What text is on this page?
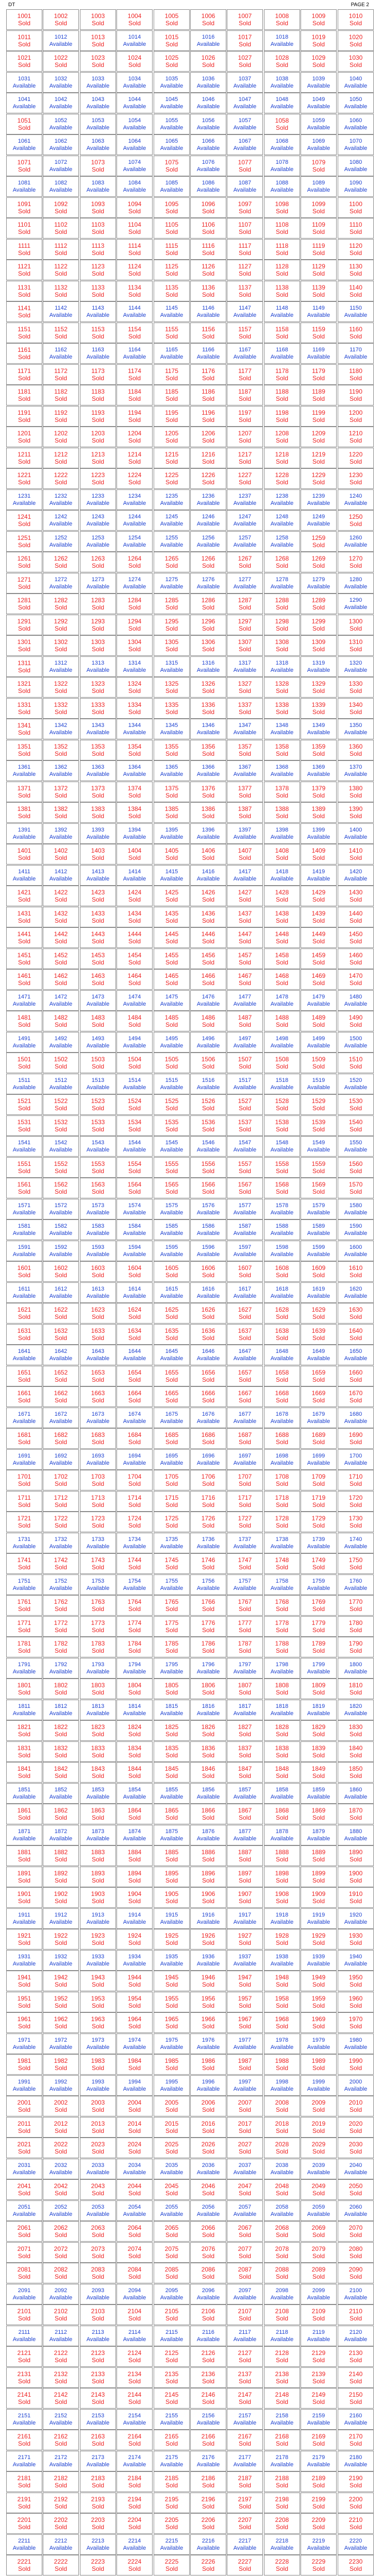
DT	PAGE 2
1001
Sold
1002
Sold
1003
Sold
1004
Sold
1005
Sold
1006
Sold
1007
Sold
1008
Sold
1009
Sold
1010
Sold
1011
Sold
1012
Available
1013
Sold
1014
Available
1015
Sold
1016
Available
1017
Sold
1018
Available
1019
Sold
1020
Sold
1021
Sold
1022
Sold
1023
Sold
1024
Sold
1025
Sold
1026
Sold
1027
Sold
1028
Sold
1029
Sold
1030
Sold
1031
Available
1032
Available
1033
Available
1034
Available
1035
Available
1036
Available
1037
Available
1038
Available
1039
Available
1040
Available
1041
Available
1042
Available
1043
Available
1044
Available
1045
Available
1046
Available
1047
Available
1048
Available
1049
Available
1050
Available
1051
Sold
1052
Available
1053
Available
1054
Available
1055
Available
1056
Available
1057
Available
1058
Sold
1059
Available
1060
Available
1061
Available
1062
Available
1063
Available
1064
Available
1065
Available
1066
Available
1067
Available
1068
Available
1069
Available
1070
Available
1071
Sold
1072
Available
1073
Sold
1074
Available
1075
Sold
1076
Available
1077
Sold
1078
Available
1079
Sold
1080
Available
1081
Available
1082
Available
1083
Available
1084
Available
1085
Available
1086
Available
1087
Available
1088
Available
1089
Available
1090
Available
1091
Sold
1092
Sold
1093
Sold
1094
Sold
1095
Sold
1096
Sold
1097
Sold
1098
Sold
1099
Sold
1100
Sold
1101
Sold
1102
Sold
1103
Sold
1104
Sold
1105
Sold
1106
Sold
1107
Sold
1108
Sold
1109
Sold
1110
Sold
1111
Sold
1112
Sold
1113
Sold
1114
Sold
1115
Sold
1116
Sold
1117
Sold
1118
Sold
1119
Sold
1120
Sold
1121
Sold
1122
Sold
1123
Sold
1124
Sold
1125
Sold
1126
Sold
1127
Sold
1128
Sold
1129
Sold
1130
Sold
1131
Sold
1132
Sold
1133
Sold
1134
Sold
1135
Sold
1136
Sold
1137
Sold
1138
Sold
1139
Sold
1140
Sold
1141
Sold
1142
Available
1143
Available
1144
Available
1145
Available
1146
Available
1147
Available
1148
Available
1149
Available
1150
Available
1151
Sold
1152
Sold
1153
Sold
1154
Sold
1155
Sold
1156
Sold
1157
Sold
1158
Sold
1159
Sold
1160
Sold
1161
Sold
1162
Available
1163
Available
1164
Available
1165
Available
1166
Available
1167
Available
1168
Available
1169
Available
1170
Available
1171
Sold
1172
Sold
1173
Sold
1174
Sold
1175
Sold
1176
Sold
1177
Sold
1178
Sold
1179
Sold
1180
Sold
1181
Sold
1182
Sold
1183
Sold
1184
Sold
1185
Sold
1186
Sold
1187
Sold
1188
Sold
1189
Sold
1190
Sold
1191
Sold
1192
Sold
1193
Sold
1194
Sold
1195
Sold
1196
Sold
1197
Sold
1198
Sold
1199
Sold
1200
Sold
1201
Sold
1202
Sold
1203
Sold
1204
Sold
1205
Sold
1206
Sold
1207
Sold
1208
Sold
1209
Sold
1210
Sold
1211
Sold
1212
Sold
1213
Sold
1214
Sold
1215
Sold
1216
Sold
1217
Sold
1218
Sold
1219
Sold
1220
Sold
1221
Sold
1222
Sold
1223
Sold
1224
Sold
1225
Sold
1226
Sold
1227
Sold
1228
Sold
1229
Sold
1230
Sold
1231
Available
1232
Available
1233
Available
1234
Available
1235
Available
1236
Available
1237
Available
1238
Available
1239
Available
1240
Available
1241
Sold
1242
Available
1243
Available
1244
Available
1245
Available
1246
Available
1247
Available
1248
Available
1249
Available
1250
Sold
1251
Sold
1252
Available
1253
Available
1254
Available
1255
Available
1256
Available
1257
Available
1258
Available
1259
Sold
1260
Available
1261
Sold
1262
Sold
1263
Sold
1264
Sold
1265
Sold
1266
Sold
1267
Sold
1268
Sold
1269
Sold
1270
Sold
1271
Sold
1272
Available
1273
Available
1274
Available
1275
Available
1276
Available
1277
Available
1278
Available
1279
Available
1280
Available
1281
Sold
1282
Sold
1283
Sold
1284
Sold
1285
Sold
1286
Sold
1287
Sold
1288
Sold
1289
Sold
1290
Available
1291
Sold
1292
Sold
1293
Sold
1294
Sold
1295
Sold
1296
Sold
1297
Sold
1298
Sold
1299
Sold
1300
Sold
1301
Sold
1302
Sold
1303
Sold
1304
Sold
1305
Sold
1306
Sold
1307
Sold
1308
Sold
1309
Sold
1310
Sold
1311
Sold
1312
Available
1313
Available
1314
Available
1315
Available
1316
Available
1317
Available
1318
Available
1319
Available
1320
Available
1321
Sold
1322
Sold
1323
Sold
1324
Sold
1325
Sold
1326
Sold
1327
Sold
1328
Sold
1329
Sold
1330
Sold
1331
Sold
1332
Sold
1333
Sold
1334
Sold
1335
Sold
1336
Sold
1337
Sold
1338
Sold
1339
Sold
1340
Sold
1341
Sold
1342
Available
1343
Available
1344
Available
1345
Available
1346
Available
1347
Available
1348
Available
1349
Available
1350
Available
1351
Sold
1352
Sold
1353
Sold
1354
Sold
1355
Sold
1356
Sold
1357
Sold
1358
Sold
1359
Sold
1360
Sold
1361
Available
1362
Available
1363
Available
1364
Available
1365
Available
1366
Available
1367
Available
1368
Available
1369
Available
1370
Available
1371
Sold
1372
Sold
1373
Sold
1374
Sold
1375
Sold
1376
Sold
1377
Sold
1378
Sold
1379
Sold
1380
Sold
1381
Sold
1382
Sold
1383
Sold
1384
Sold
1385
Sold
1386
Sold
1387
Sold
1388
Sold
1389
Sold
1390
Sold
1391
Available
1392
Available
1393
Available
1394
Available
1395
Available
1396
Available
1397
Available
1398
Available
1399
Available
1400
Available
1401
Sold
1402
Sold
1403
Sold
1404
Sold
1405
Sold
1406
Sold
1407
Sold
1408
Sold
1409
Sold
1410
Sold
1411
Available
1412
Available
1413
Available
1414
Available
1415
Available
1416
Available
1417
Available
1418
Available
1419
Available
1420
Available
1421
Sold
1422
Sold
1423
Sold
1424
Sold
1425
Sold
1426
Sold
1427
Sold
1428
Sold
1429
Sold
1430
Sold
1431
Sold
1432
Sold
1433
Sold
1434
Sold
1435
Sold
1436
Sold
1437
Sold
1438
Sold
1439
Sold
1440
Sold
1441
Sold
1442
Sold
1443
Sold
1444
Sold
1445
Sold
1446
Sold
1447
Sold
1448
Sold
1449
Sold
1450
Sold
1451
Sold
1452
Sold
1453
Sold
1454
Sold
1455
Sold
1456
Sold
1457
Sold
1458
Sold
1459
Sold
1460
Sold
1461
Sold
1462
Sold
1463
Sold
1464
Sold
1465
Sold
1466
Sold
1467
Sold
1468
Sold
1469
Sold
1470
Sold
1471
Available
1472
Available
1473
Available
1474
Available
1475
Available
1476
Available
1477
Available
1478
Available
1479
Available
1480
Available
1481
Sold
1482
Sold
1483
Sold
1484
Sold
1485
Sold
1486
Sold
1487
Sold
1488
Sold
1489
Sold
1490
Sold
1491
Available
1492
Available
1493
Available
1494
Available
1495
Available
1496
Available
1497
Available
1498
Available
1499
Available
1500
Available
1501
Sold
1502
Sold
1503
Sold
1504
Sold
1505
Sold
1506
Sold
1507
Sold
1508
Sold
1509
Sold
1510
Sold
1511
Available
1512
Available
1513
Available
1514
Available
1515
Available
1516
Available
1517
Available
1518
Available
1519
Available
1520
Available
1521
Sold
1522
Sold
1523
Sold
1524
Sold
1525
Sold
1526
Sold
1527
Sold
1528
Sold
1529
Sold
1530
Sold
1531
Sold
1532
Sold
1533
Sold
1534
Sold
1535
Sold
1536
Sold
1537
Sold
1538
Sold
1539
Sold
1540
Sold
1541
Available
1542
Available
1543
Available
1544
Available
1545
Available
1546
Available
1547
Available
1548
Available
1549
Available
1550
Available
1551
Sold
1552
Sold
1553
Sold
1554
Sold
1555
Sold
1556
Sold
1557
Sold
1558
Sold
1559
Sold
1560
Sold
1561
Sold
1562
Sold
1563
Sold
1564
Sold
1565
Sold
1566
Sold
1567
Sold
1568
Sold
1569
Sold
1570
Sold
1571
Available
1572
Available
1573
Available
1574
Available
1575
Available
1576
Available
1577
Available
1578
Available
1579
Available
1580
Available
1581
Available
1582
Available
1583
Available
1584
Available
1585
Available
1586
Available
1587
Available
1588
Available
1589
Available
1590
Available
1591
Available
1592
Available
1593
Available
1594
Available
1595
Available
1596
Available
1597
Available
1598
Available
1599
Available
1600
Available
1601
Sold
1602
Sold
1603
Sold
1604
Sold
1605
Sold
1606
Sold
1607
Sold
1608
Sold
1609
Sold
1610
Sold
1611
Available
1612
Available
1613
Available
1614
Available
1615
Available
1616
Available
1617
Available
1618
Available
1619
Available
1620
Available
1621
Sold
1622
Sold
1623
Sold
1624
Sold
1625
Sold
1626
Sold
1627
Sold
1628
Sold
1629
Sold
1630
Sold
1631
Sold
1632
Sold
1633
Sold
1634
Sold
1635
Sold
1636
Sold
1637
Sold
1638
Sold
1639
Sold
1640
Sold
1641
Available
1642
Available
1643
Available
1644
Available
1645
Available
1646
Available
1647
Available
1648
Available
1649
Available
1650
Available
1651
Sold
1652
Sold
1653
Sold
1654
Sold
1655
Sold
1656
Sold
1657
Sold
1658
Sold
1659
Sold
1660
Sold
1661
Sold
1662
Sold
1663
Sold
1664
Sold
1665
Sold
1666
Sold
1667
Sold
1668
Sold
1669
Sold
1670
Sold
1671
Available
1672
Available
1673
Available
1674
Available
1675
Available
1676
Available
1677
Available
1678
Available
1679
Available
1680
Available
1681
Sold
1682
Sold
1683
Sold
1684
Sold
1685
Sold
1686
Sold
1687
Sold
1688
Sold
1689
Sold
1690
Sold
1691
Available
1692
Available
1693
Available
1694
Available
1695
Available
1696
Available
1697
Available
1698
Available
1699
Available
1700
Available
1701
Sold
1702
Sold
1703
Sold
1704
Sold
1705
Sold
1706
Sold
1707
Sold
1708
Sold
1709
Sold
1710
Sold
1711
Sold
1712
Sold
1713
Sold
1714
Sold
1715
Sold
1716
Sold
1717
Sold
1718
Sold
1719
Sold
1720
Sold
1721
Sold
1722
Sold
1723
Sold
1724
Sold
1725
Sold
1726
Sold
1727
Sold
1728
Sold
1729
Sold
1730
Sold
1731
Available
1732
Available
1733
Available
1734
Available
1735
Available
1736
Available
1737
Available
1738
Available
1739
Available
1740
Available
1741
Sold
1742
Sold
1743
Sold
1744
Sold
1745
Sold
1746
Sold
1747
Sold
1748
Sold
1749
Sold
1750
Sold
1751
Available
1752
Available
1753
Available
1754
Available
1755
Available
1756
Available
1757
Available
1758
Available
1759
Available
1760
Available
1761
Sold
1762
Sold
1763
Sold
1764
Sold
1765
Sold
1766
Sold
1767
Sold
1768
Sold
1769
Sold
1770
Sold
1771
Sold
1772
Sold
1773
Sold
1774
Sold
1775
Sold
1776
Sold
1777
Sold
1778
Sold
1779
Sold
1780
Sold
1781
Sold
1782
Sold
1783
Sold
1784
Sold
1785
Sold
1786
Sold
1787
Sold
1788
Sold
1789
Sold
1790
Sold
1791
Available
1792
Available
1793
Available
1794
Available
1795
Available
1796
Available
1797
Available
1798
Available
1799
Available
1800
Available
1801
Sold
1802
Sold
1803
Sold
1804
Sold
1805
Sold
1806
Sold
1807
Sold
1808
Sold
1809
Sold
1810
Sold
1811
Available
1812
Available
1813
Available
1814
Available
1815
Available
1816
Available
1817
Available
1818
Available
1819
Available
1820
Available
1821
Sold
1822
Sold
1823
Sold
1824
Sold
1825
Sold
1826
Sold
1827
Sold
1828
Sold
1829
Sold
1830
Sold
1831
Sold
1832
Sold
1833
Sold
1834
Sold
1835
Sold
1836
Sold
1837
Sold
1838
Sold
1839
Sold
1840
Sold
1841
Sold
1842
Sold
1843
Sold
1844
Sold
1845
Sold
1846
Sold
1847
Sold
1848
Sold
1849
Sold
1850
Sold
1851
Available
1852
Available
1853
Available
1854
Available
1855
Available
1856
Available
1857
Available
1858
Available
1859
Available
1860
Available
1861
Sold
1862
Sold
1863
Sold
1864
Sold
1865
Sold
1866
Sold
1867
Sold
1868
Sold
1869
Sold
1870
Sold
1871
Available
1872
Available
1873
Available
1874
Available
1875
Available
1876
Available
1877
Available
1878
Available
1879
Available
1880
Available
1881
Sold
1882
Sold
1883
Sold
1884
Sold
1885
Sold
1886
Sold
1887
Sold
1888
Sold
1889
Sold
1890
Sold
1891
Sold
1892
Sold
1893
Sold
1894
Sold
1895
Sold
1896
Sold
1897
Sold
1898
Sold
1899
Sold
1900
Sold
1901
Sold
1902
Sold
1903
Sold
1904
Sold
1905
Sold
1906
Sold
1907
Sold
1908
Sold
1909
Sold
1910
Sold
1911
Available
1912
Available
1913
Available
1914
Available
1915
Available
1916
Available
1917
Available
1918
Available
1919
Available
1920
Available
1921
Sold
1922
Sold
1923
Sold
1924
Sold
1925
Sold
1926
Sold
1927
Sold
1928
Sold
1929
Sold
1930
Sold
1931
Available
1932
Available
1933
Available
1934
Available
1935
Available
1936
Available
1937
Available
1938
Available
1939
Available
1940
Available
1941
Sold
1942
Sold
1943
Sold
1944
Sold
1945
Sold
1946
Sold
1947
Sold
1948
Sold
1949
Sold
1950
Sold
1951
Sold
1952
Sold
1953
Sold
1954
Sold
1955
Sold
1956
Sold
1957
Sold
1958
Sold
1959
Sold
1960
Sold
1961
Sold
1962
Sold
1963
Sold
1964
Sold
1965
Sold
1966
Sold
1967
Sold
1968
Sold
1969
Sold
1970
Sold
1971
Available
1972
Available
1973
Available
1974
Available
1975
Available
1976
Available
1977
Available
1978
Available
1979
Available
1980
Available
1981
Sold
1982
Sold
1983
Sold
1984
Sold
1985
Sold
1986
Sold
1987
Sold
1988
Sold
1989
Sold
1990
Sold
1991
Available
1992
Available
1993
Available
1994
Available
1995
Available
1996
Available
1997
Available
1998
Available
1999
Available
2000
Available
2001
Sold
2002
Sold
2003
Sold
2004
Sold
2005
Sold
2006
Sold
2007
Sold
2008
Sold
2009
Sold
2010
Sold
2011
Sold
2012
Sold
2013
Sold
2014
Sold
2015
Sold
2016
Sold
2017
Sold
2018
Sold
2019
Sold
2020
Sold
2021
Sold
2022
Sold
2023
Sold
2024
Sold
2025
Sold
2026
Sold
2027
Sold
2028
Sold
2029
Sold
2030
Sold
2031
Available
2032
Available
2033
Available
2034
Available
2035
Available
2036
Available
2037
Available
2038
Available
2039
Available
2040
Available
2041
Sold
2042
Sold
2043
Sold
2044
Sold
2045
Sold
2046
Sold
2047
Sold
2048
Sold
2049
Sold
2050
Sold
2051
Available
2052
Available
2053
Available
2054
Available
2055
Available
2056
Available
2057
Available
2058
Available
2059
Available
2060
Available
2061
Sold
2062
Sold
2063
Sold
2064
Sold
2065
Sold
2066
Sold
2067
Sold
2068
Sold
2069
Sold
2070
Sold
2071
Sold
2072
Sold
2073
Sold
2074
Sold
2075
Sold
2076
Sold
2077
Sold
2078
Sold
2079
Sold
2080
Sold
2081
Sold
2082
Sold
2083
Sold
2084
Sold
2085
Sold
2086
Sold
2087
Sold
2088
Sold
2089
Sold
2090
Sold
2091
Available
2092
Available
2093
Available
2094
Available
2095
Available
2096
Available
2097
Available
2098
Available
2099
Available
2100
Available
2101
Sold
2102
Sold
2103
Sold
2104
Sold
2105
Sold
2106
Sold
2107
Sold
2108
Sold
2109
Sold
2110
Sold
2111
Available
2112
Available
2113
Available
2114
Available
2115
Available
2116
Available
2117
Available
2118
Available
2119
Available
2120
Available
2121
Sold
2122
Sold
2123
Sold
2124
Sold
2125
Sold
2126
Sold
2127
Sold
2128
Sold
2129
Sold
2130
Sold
2131
Sold
2132
Sold
2133
Sold
2134
Sold
2135
Sold
2136
Sold
2137
Sold
2138
Sold
2139
Sold
2140
Sold
2141
Sold
2142
Sold
2143
Sold
2144
Sold
2145
Sold
2146
Sold
2147
Sold
2148
Sold
2149
Sold
2150
Sold
2151
Available
2152
Available
2153
Available
2154
Available
2155
Available
2156
Available
2157
Available
2158
Available
2159
Available
2160
Available
2161
Sold
2162
Sold
2163
Sold
2164
Sold
2165
Sold
2166
Sold
2167
Sold
2168
Sold
2169
Sold
2170
Sold
2171
Available
2172
Available
2173
Available
2174
Available
2175
Available
2176
Available
2177
Available
2178
Available
2179
Available
2180
Available
2181
Sold
2182
Sold
2183
Sold
2184
Sold
2185
Sold
2186
Sold
2187
Sold
2188
Sold
2189
Sold
2190
Sold
2191
Sold
2192
Sold
2193
Sold
2194
Sold
2195
Sold
2196
Sold
2197
Sold
2198
Sold
2199
Sold
2200
Sold
2201
Sold
2202
Sold
2203
Sold
2204
Sold
2205
Sold
2206
Sold
2207
Sold
2208
Sold
2209
Sold
2210
Sold
2211
Available
2212
Available
2213
Available
2214
Available
2215
Available
2216
Available
2217
Available
2218
Available
2219
Available
2220
Available
2221
Sold
2222
Sold
2223
Sold
2224
Sold
2225
Sold
2226
Sold
2227
Sold
2228
Sold
2229
Sold
2230
Sold
